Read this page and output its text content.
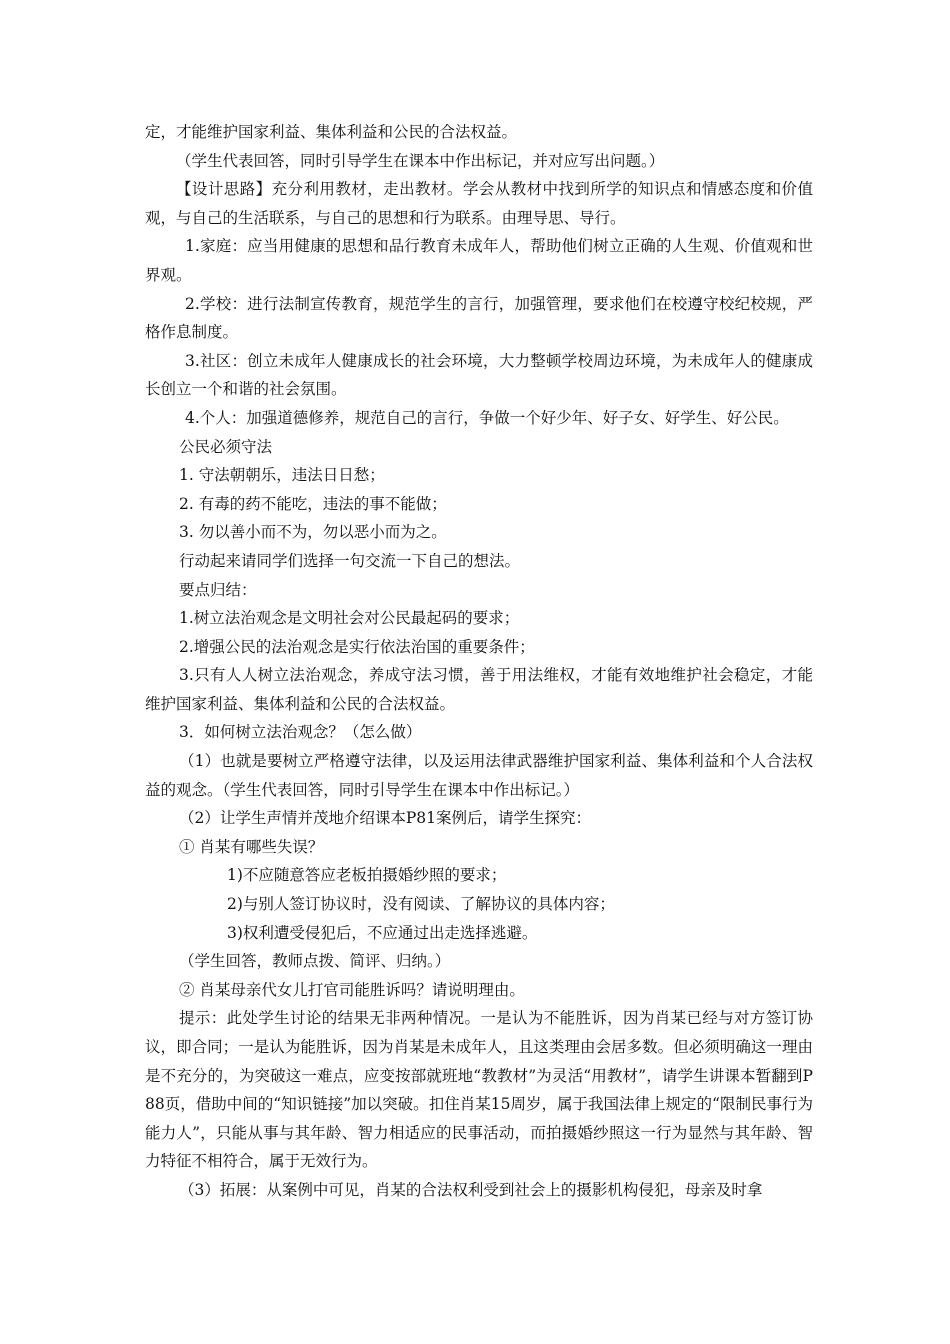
定，才能维护国家利益、集体利益和公民的合法权益。

（学生代表回答，同时引导学生在课本中作出标记，并对应写出问题。）

【设计思路】充分利用教材，走出教材。学会从教材中找到所学的知识点和情感态度和价值观，与自己的生活联系，与自己的思想和行为联系。由理导思、导行。

1.家庭：应当用健康的思想和品行教育未成年人，帮助他们树立正确的人生观、价值观和世界观。

2.学校：进行法制宣传教育，规范学生的言行，加强管理，要求他们在校遵守校纪校规，严格作息制度。

3.社区：创立未成年人健康成长的社会环境，大力整顿学校周边环境，为未成年人的健康成长创立一个和谐的社会氛围。

4.个人：加强道德修养，规范自己的言行，争做一个好少年、好子女、好学生、好公民。

公民必须守法

1. 守法朝朝乐，违法日日愁；

2. 有毒的药不能吃，违法的事不能做；

3. 勿以善小而不为，勿以恶小而为之。

行动起来请同学们选择一句交流一下自己的想法。

要点归结：

1.树立法治观念是文明社会对公民最起码的要求；

2.增强公民的法治观念是实行依法治国的重要条件；

3.只有人人树立法治观念，养成守法习惯，善于用法维权，才能有效地维护社会稳定，才能维护国家利益、集体利益和公民的合法权益。

3．如何树立法治观念？（怎么做）

（1）也就是要树立严格遵守法律，以及运用法律武器维护国家利益、集体利益和个人合法权益的观念。（学生代表回答，同时引导学生在课本中作出标记。）

（2）让学生声情并茂地介绍课本P81案例后，请学生探究：

① 肖某有哪些失误？

1)不应随意答应老板拍摄婚纱照的要求；

2)与别人签订协议时，没有阅读、了解协议的具体内容；

3)权利遭受侵犯后，不应通过出走选择逃避。

（学生回答，教师点拨、简评、归纳。）

② 肖某母亲代女儿打官司能胜诉吗？请说明理由。

提示：此处学生讨论的结果无非两种情况。一是认为不能胜诉，因为肖某已经与对方签订协议，即合同；一是认为能胜诉，因为肖某是未成年人，且这类理由会居多数。但必须明确这一理由是不充分的，为突破这一难点，应变按部就班地“教教材”为灵活“用教材”，请学生讲课本暂翻到P88页，借助中间的“知识链接”加以突破。扣住肖某15周岁，属于我国法律上规定的“限制民事行为能力人”，只能从事与其年龄、智力相适应的民事活动，而拍摄婚纱照这一行为显然与其年龄、智力特征不相符合，属于无效行为。

（3）拓展：从案例中可见，肖某的合法权利受到社会上的摄影机构侵犯，母亲及时拿
